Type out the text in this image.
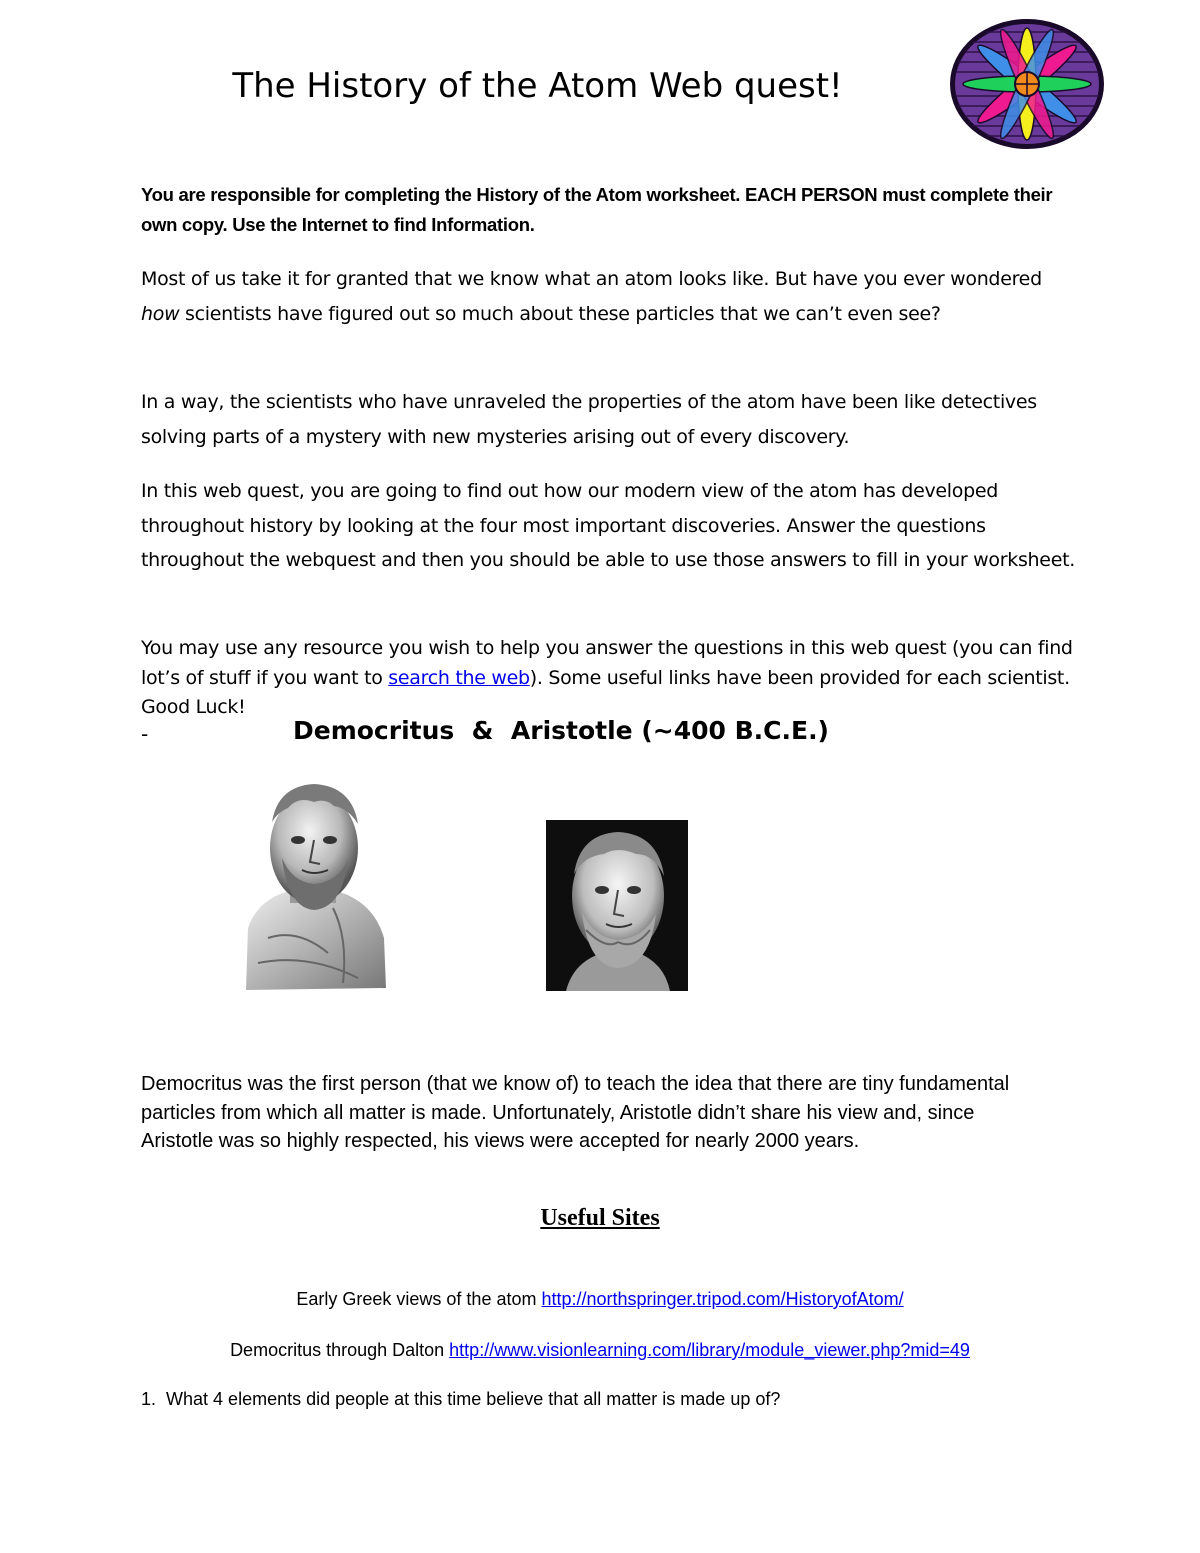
The History of the Atom Web quest!
You are responsible for completing the History of the Atom worksheet. EACH PERSON must complete their own copy. Use the Internet to find Information.
Most of us take it for granted that we know what an atom looks like. But have you ever wondered how scientists have figured out so much about these particles that we can’t even see?
In a way, the scientists who have unraveled the properties of the atom have been like detectives solving parts of a mystery with new mysteries arising out of every discovery.
In this web quest, you are going to find out how our modern view of the atom has developed throughout history by looking at the four most important discoveries. Answer the questions throughout the webquest and then you should be able to use those answers to fill in your worksheet.
You may use any resource you wish to help you answer the questions in this web quest (you can find lot’s of stuff if you want to search the web). Some useful links have been provided for each scientist. Good Luck!
-	Democritus  &  Aristotle (~400 B.C.E.)
Democritus was the first person (that we know of) to teach the idea that there are tiny fundamental particles from which all matter is made. Unfortunately, Aristotle didn’t share his view and, since Aristotle was so highly respected, his views were accepted for nearly 2000 years.
Useful Sites
Early Greek views of the atom http://northspringer.tripod.com/HistoryofAtom/
Democritus through Dalton http://www.visionlearning.com/library/module_viewer.php?mid=49
1. What 4 elements did people at this time believe that all matter is made up of?
